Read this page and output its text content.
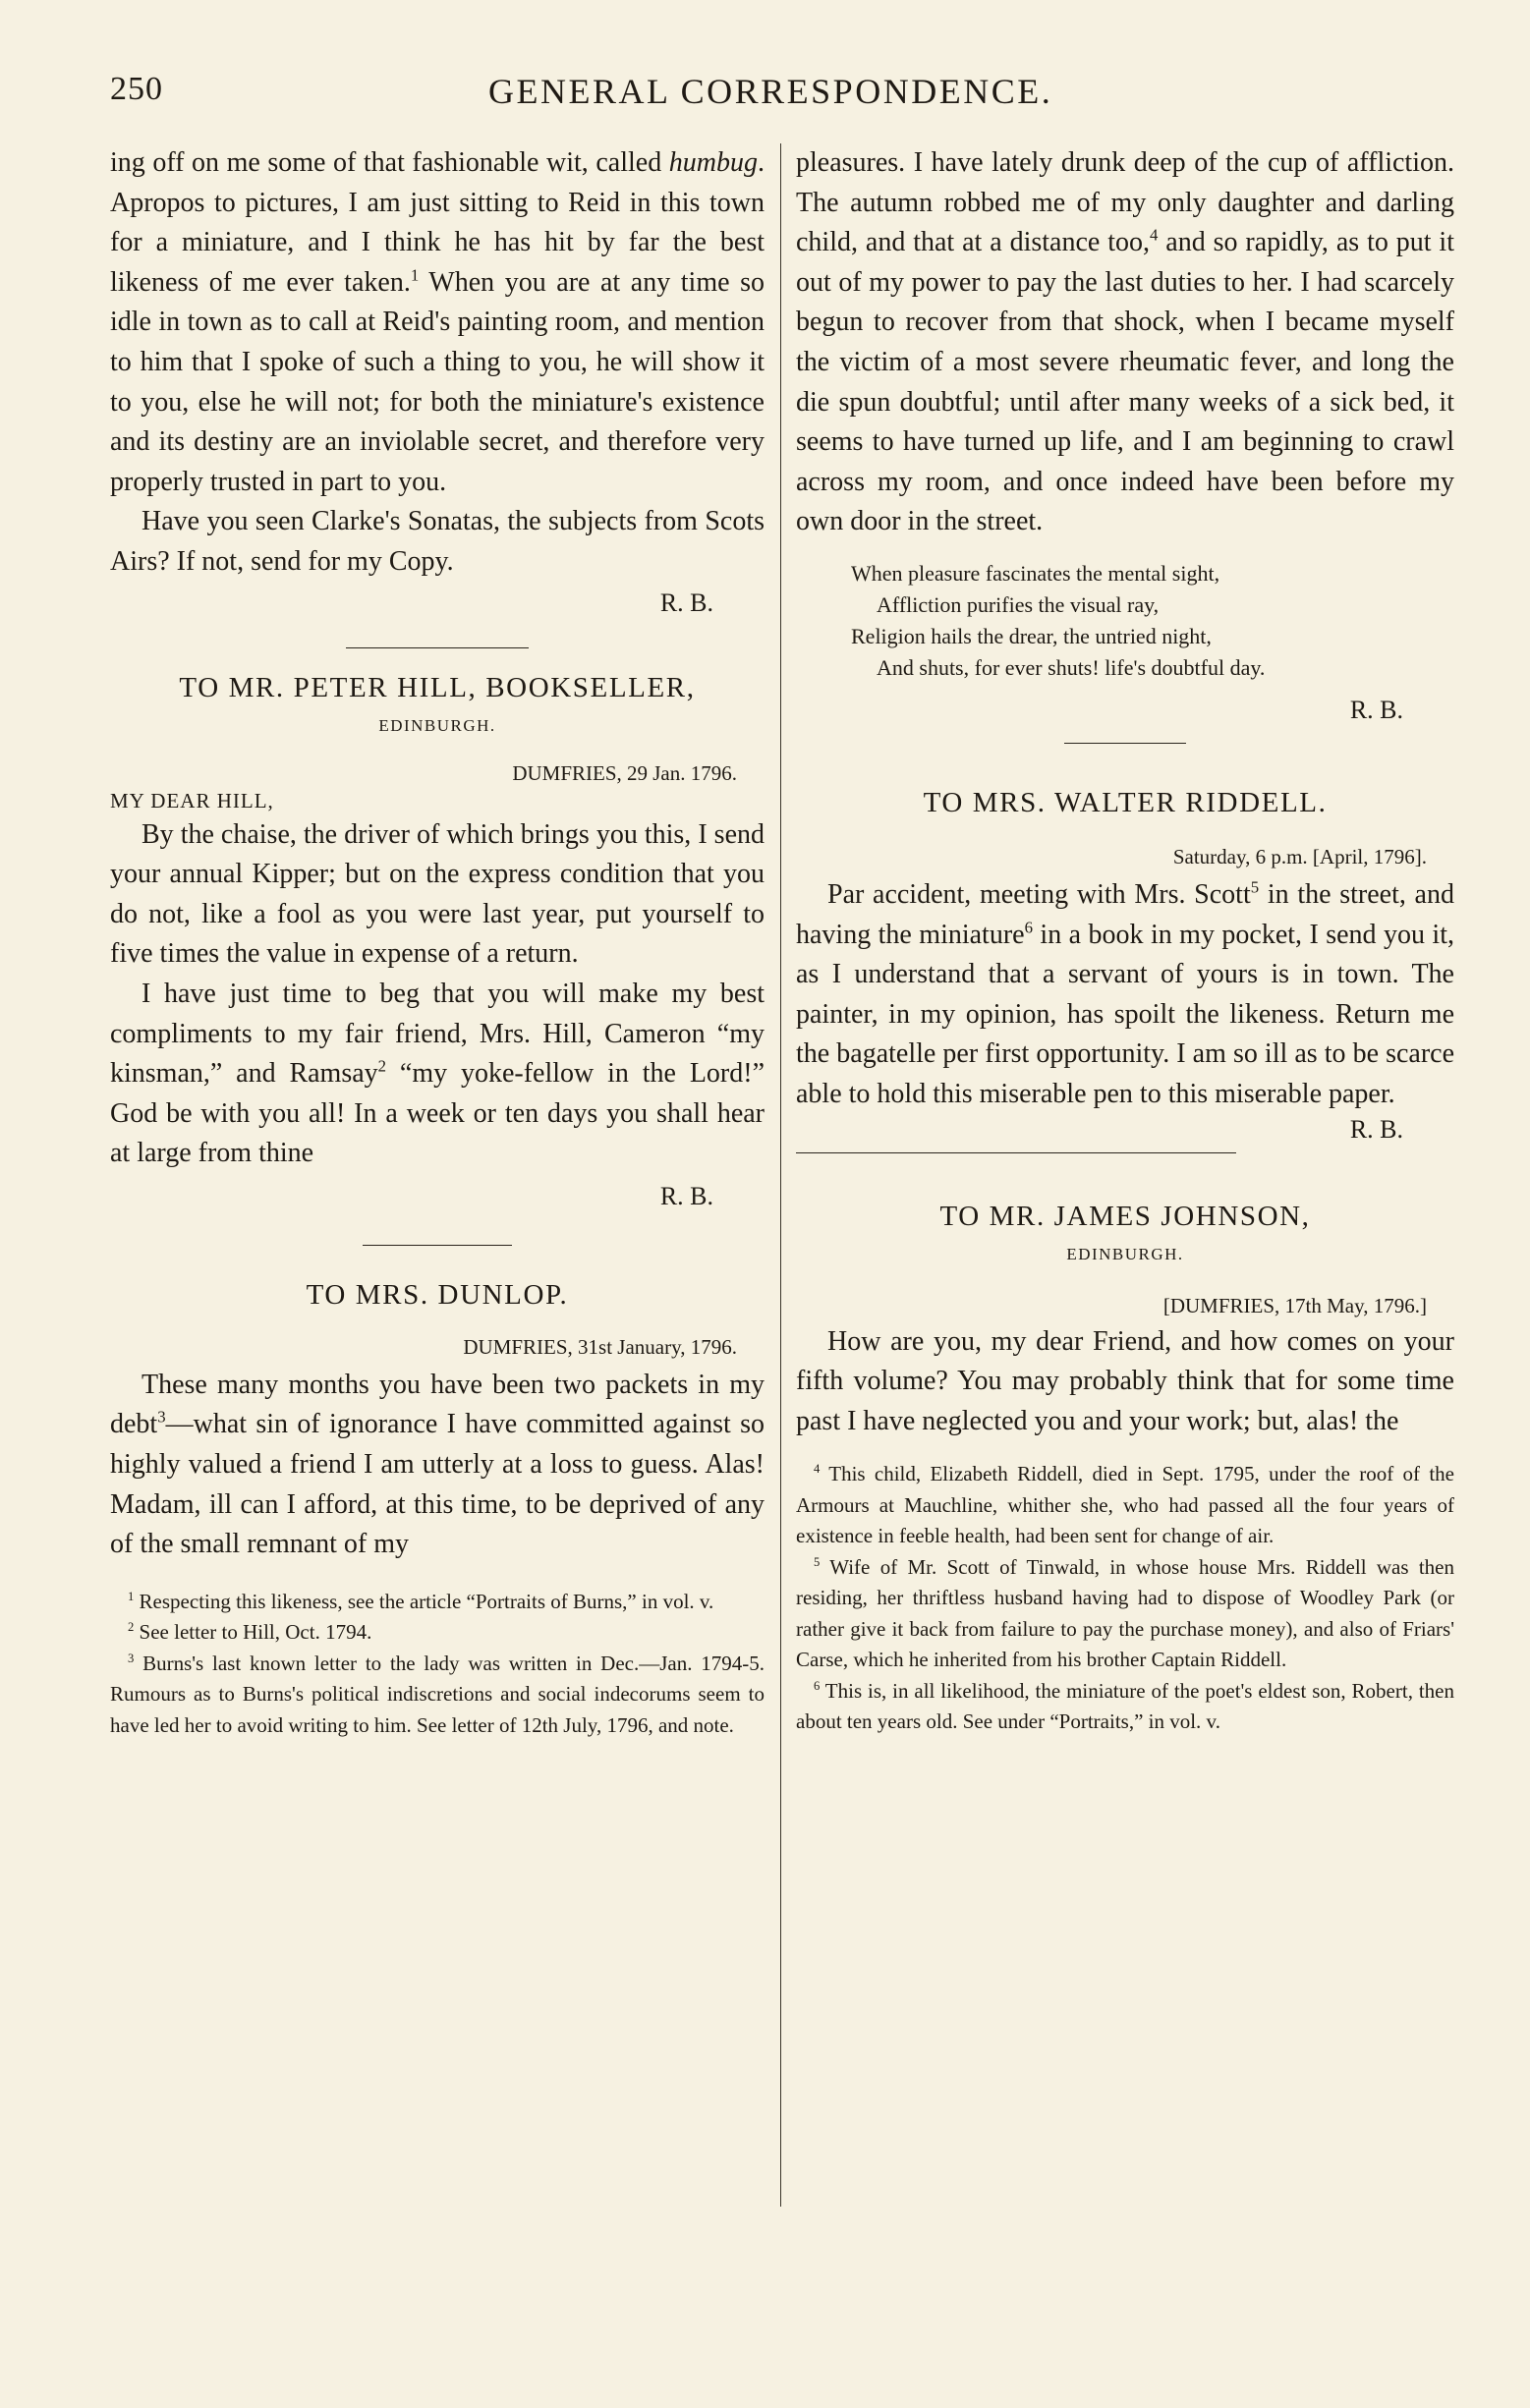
250	GENERAL CORRESPONDENCE.

ing off on me some of that fashionable wit, called humbug. Apropos to pictures, I am just sitting to Reid in this town for a miniature, and I think he has hit by far the best likeness of me ever taken.$^1$ When you are at any time so idle in town as to call at Reid's painting room, and mention to him that I spoke of such a thing to you, he will show it to you, else he will not; for both the miniature's existence and its destiny are an inviolable secret, and therefore very properly trusted in part to you.

Have you seen Clarke's Sonatas, the subjects from Scots Airs? If not, send for my Copy.

R. B.
TO MR. PETER HILL, BOOKSELLER,
EDINBURGH.
DUMFRIES, 29 Jan. 1796.
MY DEAR HILL,

By the chaise, the driver of which brings you this, I send your annual Kipper; but on the express condition that you do not, like a fool as you were last year, put yourself to five times the value in expense of a return.

I have just time to beg that you will make my best compliments to my fair friend, Mrs. Hill, Cameron “my kinsman,” and Ramsay$^2$ “my yoke-fellow in the Lord!” God be with you all! In a week or ten days you shall hear at large from thine

R. B.
TO MRS. DUNLOP.
DUMFRIES, 31st January, 1796.

These many months you have been two packets in my debt$^3$—what sin of ignorance I have committed against so highly valued a friend I am utterly at a loss to guess. Alas! Madam, ill can I afford, at this time, to be deprived of any of the small remnant of my

$^1$ Respecting this likeness, see the article “Portraits of Burns,” in vol. v.

$^2$ See letter to Hill, Oct. 1794.

$^3$ Burns's last known letter to the lady was written in Dec.—Jan. 1794-5. Rumours as to Burns's political indiscretions and social indecorums seem to have led her to avoid writing to him. See letter of 12th July, 1796, and note.

pleasures. I have lately drunk deep of the cup of affliction. The autumn robbed me of my only daughter and darling child, and that at a distance too,$^4$ and so rapidly, as to put it out of my power to pay the last duties to her. I had scarcely begun to recover from that shock, when I became myself the victim of a most severe rheumatic fever, and long the die spun doubtful; until after many weeks of a sick bed, it seems to have turned up life, and I am beginning to crawl across my room, and once indeed have been before my own door in the street.

When pleasure fascinates the mental sight,
Affliction purifies the visual ray,
Religion hails the drear, the untried night,
And shuts, for ever shuts! life's doubtful day.
R. B.
TO MRS. WALTER RIDDELL.
Saturday, 6 p.m. [April, 1796].

Par accident, meeting with Mrs. Scott$^5$ in the street, and having the miniature$^6$ in a book in my pocket, I send you it, as I understand that a servant of yours is in town. The painter, in my opinion, has spoilt the likeness. Return me the bagatelle per first opportunity. I am so ill as to be scarce able to hold this miserable pen to this miserable paper.

R. B.
TO MR. JAMES JOHNSON,
EDINBURGH.
[DUMFRIES, 17th May, 1796.]

How are you, my dear Friend, and how comes on your fifth volume? You may probably think that for some time past I have neglected you and your work; but, alas! the

$^4$ This child, Elizabeth Riddell, died in Sept. 1795, under the roof of the Armours at Mauchline, whither she, who had passed all the four years of existence in feeble health, had been sent for change of air.

$^5$ Wife of Mr. Scott of Tinwald, in whose house Mrs. Riddell was then residing, her thriftless husband having had to dispose of Woodley Park (or rather give it back from failure to pay the purchase money), and also of Friars' Carse, which he inherited from his brother Captain Riddell.

$^6$ This is, in all likelihood, the miniature of the poet's eldest son, Robert, then about ten years old. See under “Portraits,” in vol. v.
